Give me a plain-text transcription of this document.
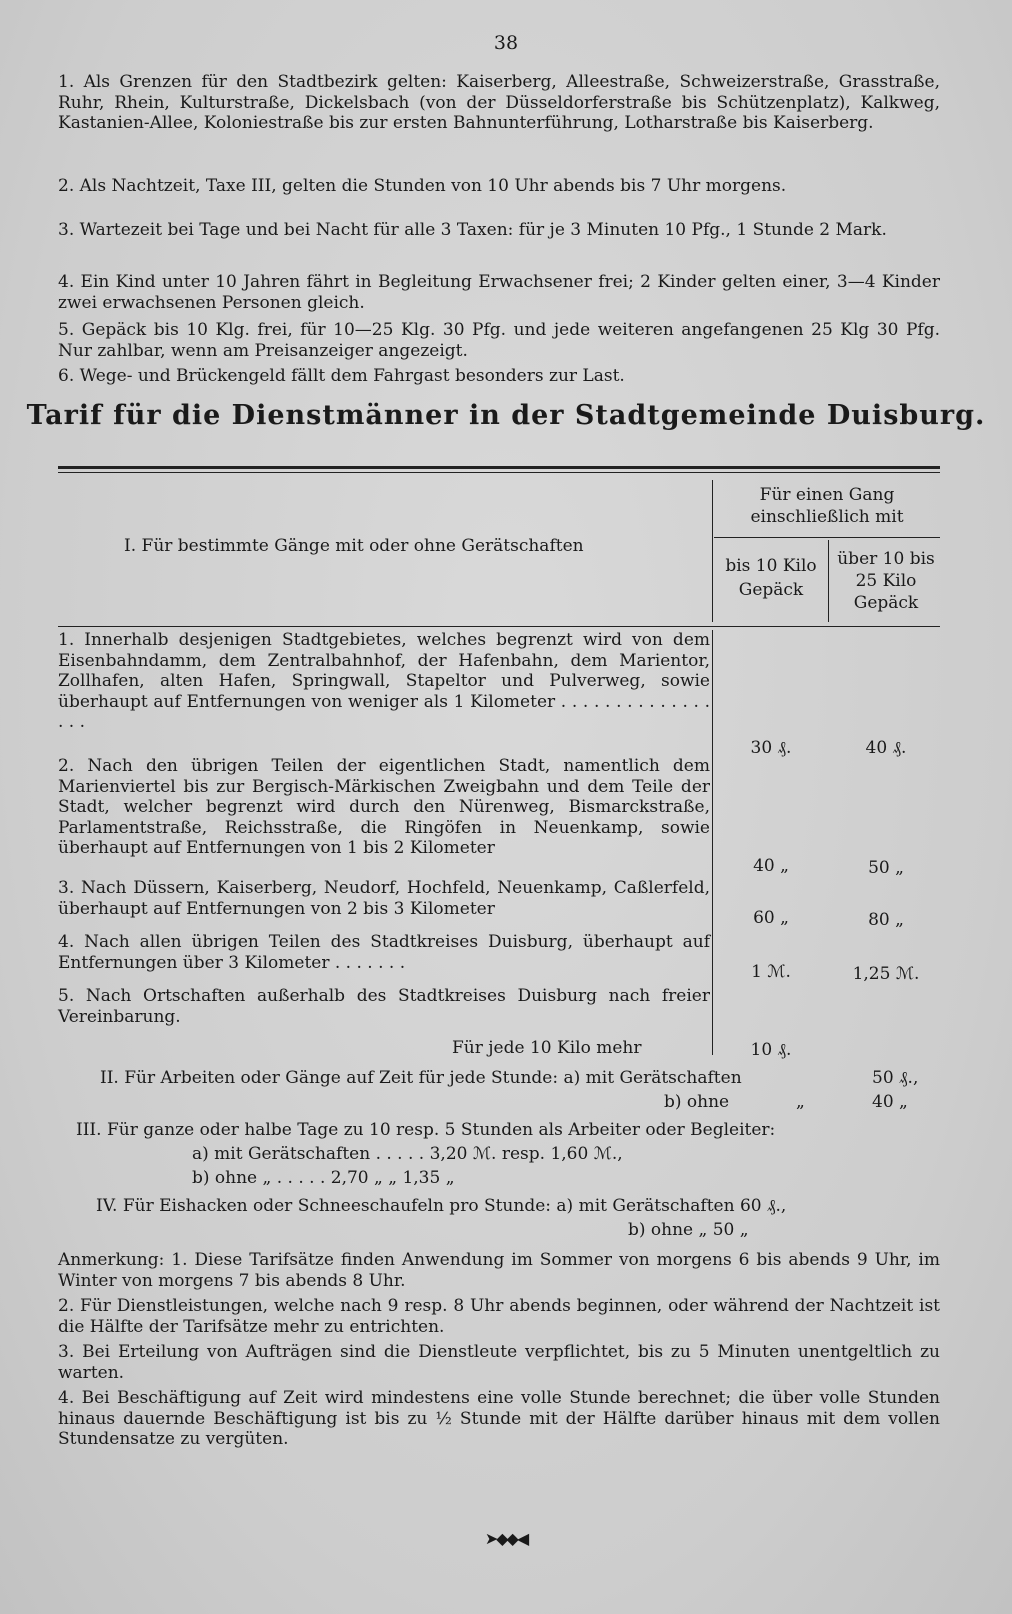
38

1. Als Grenzen für den Stadtbezirk gelten: Kaiserberg, Alleestraße, Schweizerstraße, Grasstraße, Ruhr, Rhein, Kulturstraße, Dickelsbach (von der Düsseldorferstraße bis Schützenplatz), Kalkweg, Kastanien-Allee, Koloniestraße bis zur ersten Bahnunterführung, Lotharstraße bis Kaiserberg.

2. Als Nachtzeit, Taxe III, gelten die Stunden von 10 Uhr abends bis 7 Uhr morgens.

3. Wartezeit bei Tage und bei Nacht für alle 3 Taxen: für je 3 Minuten 10 Pfg., 1 Stunde 2 Mark.

4. Ein Kind unter 10 Jahren fährt in Begleitung Erwachsener frei; 2 Kinder gelten einer, 3—4 Kinder zwei erwachsenen Personen gleich.

5. Gepäck bis 10 Klg. frei, für 10—25 Klg. 30 Pfg. und jede weiteren angefangenen 25 Klg 30 Pfg. Nur zahlbar, wenn am Preisanzeiger angezeigt.

6. Wege- und Brückengeld fällt dem Fahrgast besonders zur Last.

Tarif für die Dienstmänner in der Stadtgemeinde Duisburg.
I. Für bestimmte Gänge mit oder ohne Gerätschaften
Für einen Gang einschließlich mit
bis 10 Kilo Gepäck
über 10 bis 25 Kilo Gepäck
1. Innerhalb desjenigen Stadtgebietes, welches begrenzt wird von dem Eisenbahndamm, dem Zentralbahnhof, der Hafenbahn, dem Marientor, Zollhafen, alten Hafen, Springwall, Stapeltor und Pulverweg, sowie überhaupt auf Entfernungen von weniger als 1 Kilometer . . . . . . . . . . . . . . . . .
30 ₰.	40 ₰.
2. Nach den übrigen Teilen der eigentlichen Stadt, namentlich dem Marienviertel bis zur Bergisch-Märkischen Zweigbahn und dem Teile der Stadt, welcher begrenzt wird durch den Nürenweg, Bismarckstraße, Parlamentstraße, Reichsstraße, die Ringöfen in Neuenkamp, sowie überhaupt auf Entfernungen von 1 bis 2 Kilometer
40 „	50 „
3. Nach Düssern, Kaiserberg, Neudorf, Hochfeld, Neuenkamp, Caßlerfeld, überhaupt auf Entfernungen von 2 bis 3 Kilometer	60 „	80 „
4. Nach allen übrigen Teilen des Stadtkreises Duisburg, überhaupt auf Entfernungen über 3 Kilometer . . . . . . .	1 ℳ.	1,25 ℳ.
5. Nach Ortschaften außerhalb des Stadtkreises Duisburg nach freier Vereinbarung.
Für jede 10 Kilo mehr	10 ₰.
II. Für Arbeiten oder Gänge auf Zeit für jede Stunde: a) mit Gerätschaften	50 ₰.,
b) ohne	„	40 „
III. Für ganze oder halbe Tage zu 10 resp. 5 Stunden als Arbeiter oder Begleiter:
a) mit Gerätschaften . . . . . 3,20 ℳ. resp. 1,60 ℳ.,
b) ohne „ . . . . . 2,70 „ „ 1,35 „
IV. Für Eishacken oder Schneeschaufeln pro Stunde: a) mit Gerätschaften 60 ₰.,
b) ohne „ 50 „

Anmerkung: 1. Diese Tarifsätze finden Anwendung im Sommer von morgens 6 bis abends 9 Uhr, im Winter von morgens 7 bis abends 8 Uhr.

2. Für Dienstleistungen, welche nach 9 resp. 8 Uhr abends beginnen, oder während der Nachtzeit ist die Hälfte der Tarifsätze mehr zu entrichten.

3. Bei Erteilung von Aufträgen sind die Dienstleute verpflichtet, bis zu 5 Minuten unentgeltlich zu warten.

4. Bei Beschäftigung auf Zeit wird mindestens eine volle Stunde berechnet; die über volle Stunden hinaus dauernde Beschäftigung ist bis zu ½ Stunde mit der Hälfte darüber hinaus mit dem vollen Stundensatze zu vergüten.

➤◆◆◀
